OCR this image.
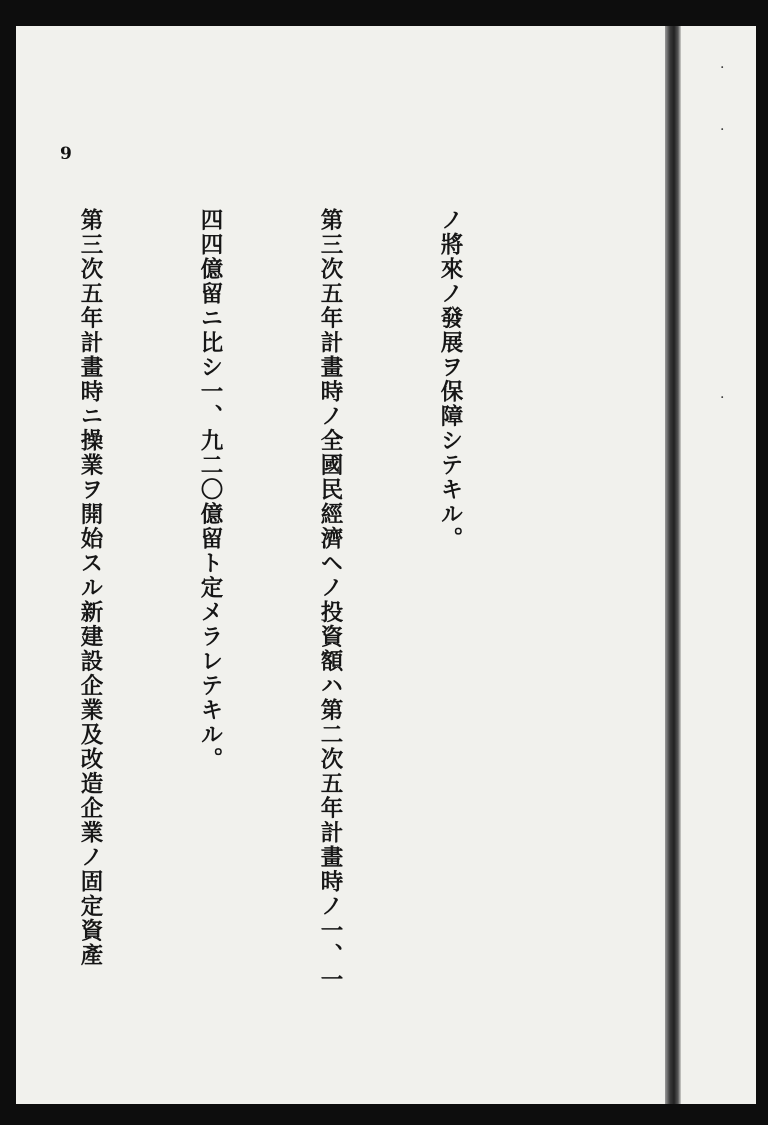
·
·
·
9

ノ將來ノ發展ヲ保障シテキル。

第三次五年計畫時ノ全國民經濟ヘノ投資額ハ第二次五年計畫時ノ一、一

四四億留ニ比シ一、九二〇億留ト定メラレテキル。

第三次五年計畫時ニ操業ヲ開始スル新建設企業及改造企業ノ固定資產
